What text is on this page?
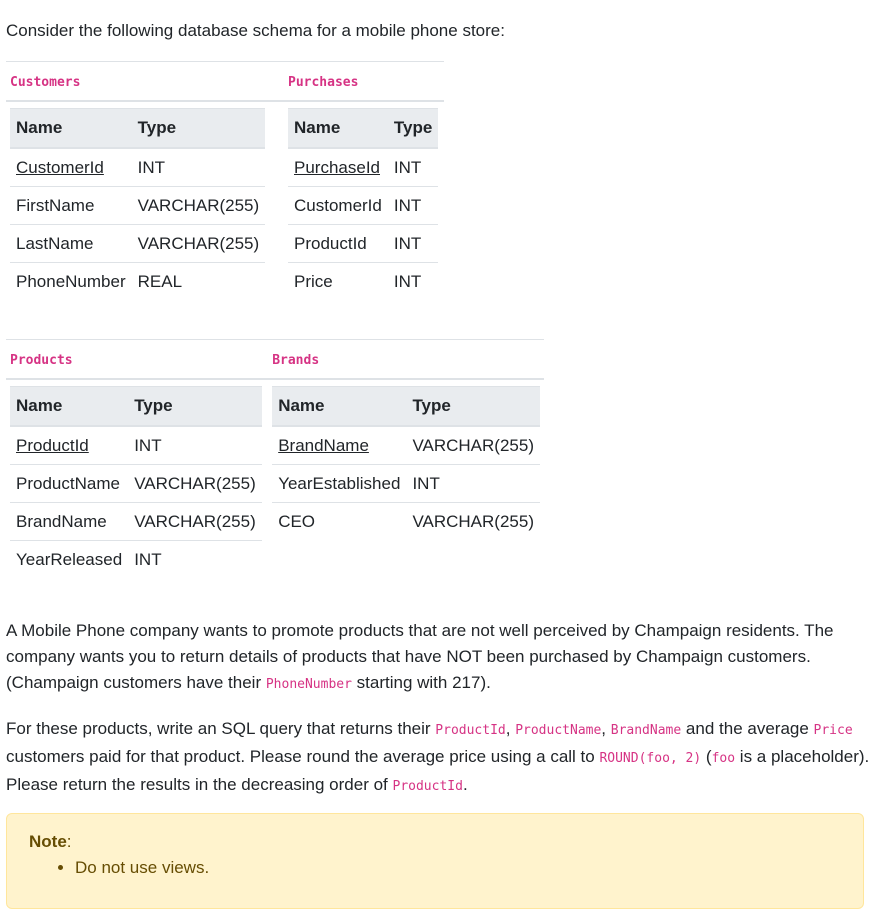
Consider the following database schema for a mobile phone store:

Customers	Purchases

Name	Type
CustomerId	INT
FirstName	VARCHAR(255)
LastName	VARCHAR(255)
PhoneNumber	REAL

Name	Type
PurchaseId	INT
CustomerId	INT
ProductId	INT
Price	INT
Products	Brands

Name	Type
ProductId	INT
ProductName	VARCHAR(255)
BrandName	VARCHAR(255)
YearReleased	INT

Name	Type
BrandName	VARCHAR(255)
YearEstablished	INT
CEO	VARCHAR(255)

A Mobile Phone company wants to promote products that are not well perceived by Champaign residents. The company wants you to return details of products that have NOT been purchased by Champaign customers. (Champaign customers have their PhoneNumber starting with 217).

For these products, write an SQL query that returns their ProductId, ProductName, BrandName and the average Price customers paid for that product. Please round the average price using a call to ROUND(foo, 2) (foo is a placeholder). Please return the results in the decreasing order of ProductId.

Note:
• Do not use views.
